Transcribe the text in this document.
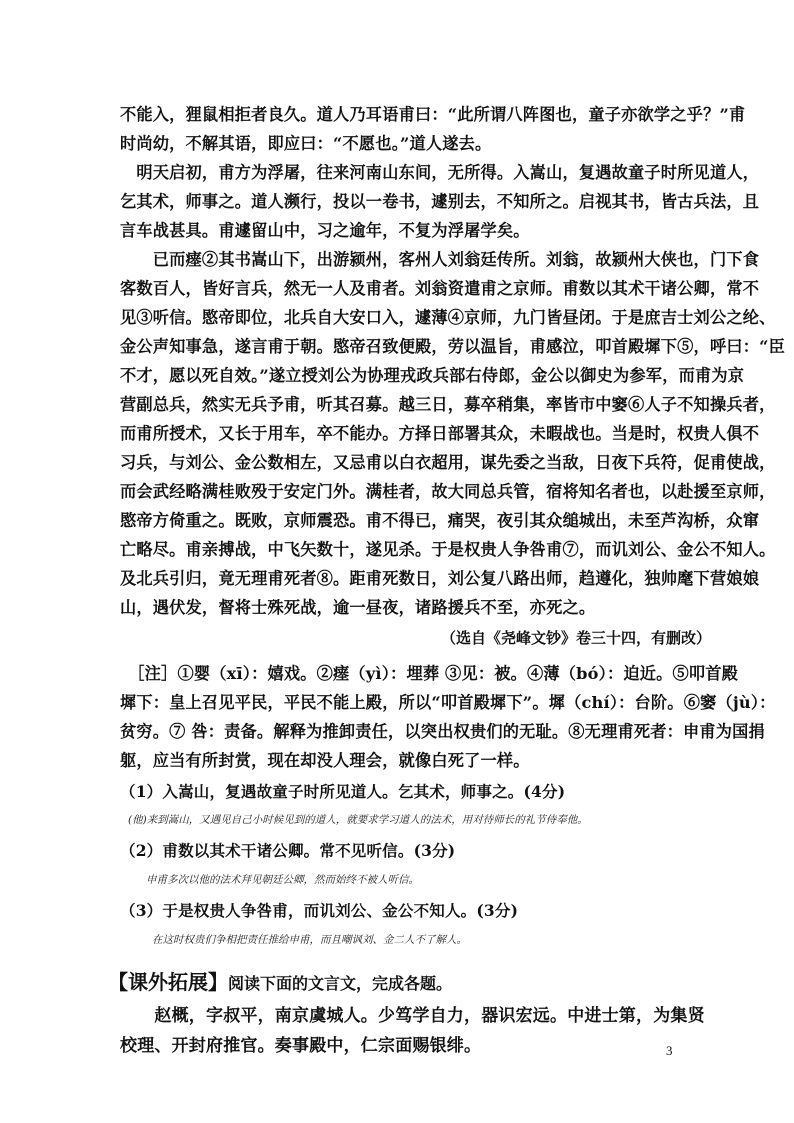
不能入，狸鼠相拒者良久。道人乃耳语甫曰：“此所谓八阵图也，童子亦欲学之乎？”甫
时尚幼，不解其语，即应曰：“不愿也。”道人遂去。
　明天启初，甫方为浮屠，往来河南山东间，无所得。入嵩山，复遇故童子时所见道人，
乞其术，师事之。道人濒行，投以一卷书，遽别去，不知所之。启视其书，皆古兵法，且
言车战甚具。甫遽留山中，习之逾年，不复为浮屠学矣。
　　已而瘗②其书嵩山下，出游颍州，客州人刘翁廷传所。刘翁，故颍州大侠也，门下食
客数百人，皆好言兵，然无一人及甫者。刘翁资遣甫之京师。甫数以其术干诸公卿，常不
见③听信。愍帝即位，北兵自大安口入，遽薄④京师，九门皆昼闭。于是庶吉士刘公之纶、
金公声知事急，遂言甫于朝。愍帝召致便殿，劳以温旨，甫感泣，叩首殿墀下⑤，呼曰：“臣
不才，愿以死自效。”遂立授刘公为协理戎政兵部右侍郎，金公以御史为参军，而甫为京
营副总兵，然实无兵予甫，听其召募。越三日，募卒稍集，率皆市中窭⑥人子不知操兵者，
而甫所授术，又长于用车，卒不能办。方择日部署其众，未暇战也。当是时，权贵人俱不
习兵，与刘公、金公数相左，又忌甫以白衣超用，谋先委之当敌，日夜下兵符，促甫使战，
而会武经略满桂败殁于安定门外。满桂者，故大同总兵管，宿将知名者也，以赴援至京师，
愍帝方倚重之。既败，京师震恐。甫不得已，痛哭，夜引其众缒城出，未至芦沟桥，众窜
亡略尽。甫亲搏战，中飞矢数十，遂见杀。于是权贵人争咎甫⑦，而讥刘公、金公不知人。
及北兵引归，竟无理甫死者⑧。距甫死数日，刘公复八路出师，趋遵化，独帅麾下营娘娘
山，遇伏发，督将士殊死战，逾一昼夜，诸路援兵不至，亦死之。
（选自《尧峰文钞》卷三十四，有删改）
　［注］①婴（xī）：嬉戏。②瘗（yì）：埋葬 ③见：被。④薄（bó）：迫近。⑤叩首殿
墀下：皇上召见平民，平民不能上殿，所以“叩首殿墀下”。墀（chí）：台阶。⑥窭（jù）：
贫穷。⑦ 咎：责备。解释为推卸责任，以突出权贵们的无耻。⑧无理甫死者：申甫为国捐
躯，应当有所封赏，现在却没人理会，就像白死了一样。
（1）入嵩山，复遇故童子时所见道人。乞其术，师事之。(4分)
(他)来到嵩山，又遇见自己小时候见到的道人，就要求学习道人的法术，用对待师长的礼节侍奉他。
（2）甫数以其术干诸公卿。常不见听信。(3分)
申甫多次以他的法术拜见朝廷公卿，然而始终不被人听信。
（3）于是权贵人争咎甫，而讥刘公、金公不知人。(3分)
在这时权贵们争相把责任推给申甫，而且嘲讽刘、金二人不了解人。
【课外拓展】阅读下面的文言文，完成各题。
　　赵概，字叔平，南京虞城人。少笃学自力，器识宏远。中进士第，为集贤
校理、开封府推官。奏事殿中，仁宗面赐银绯。	3
